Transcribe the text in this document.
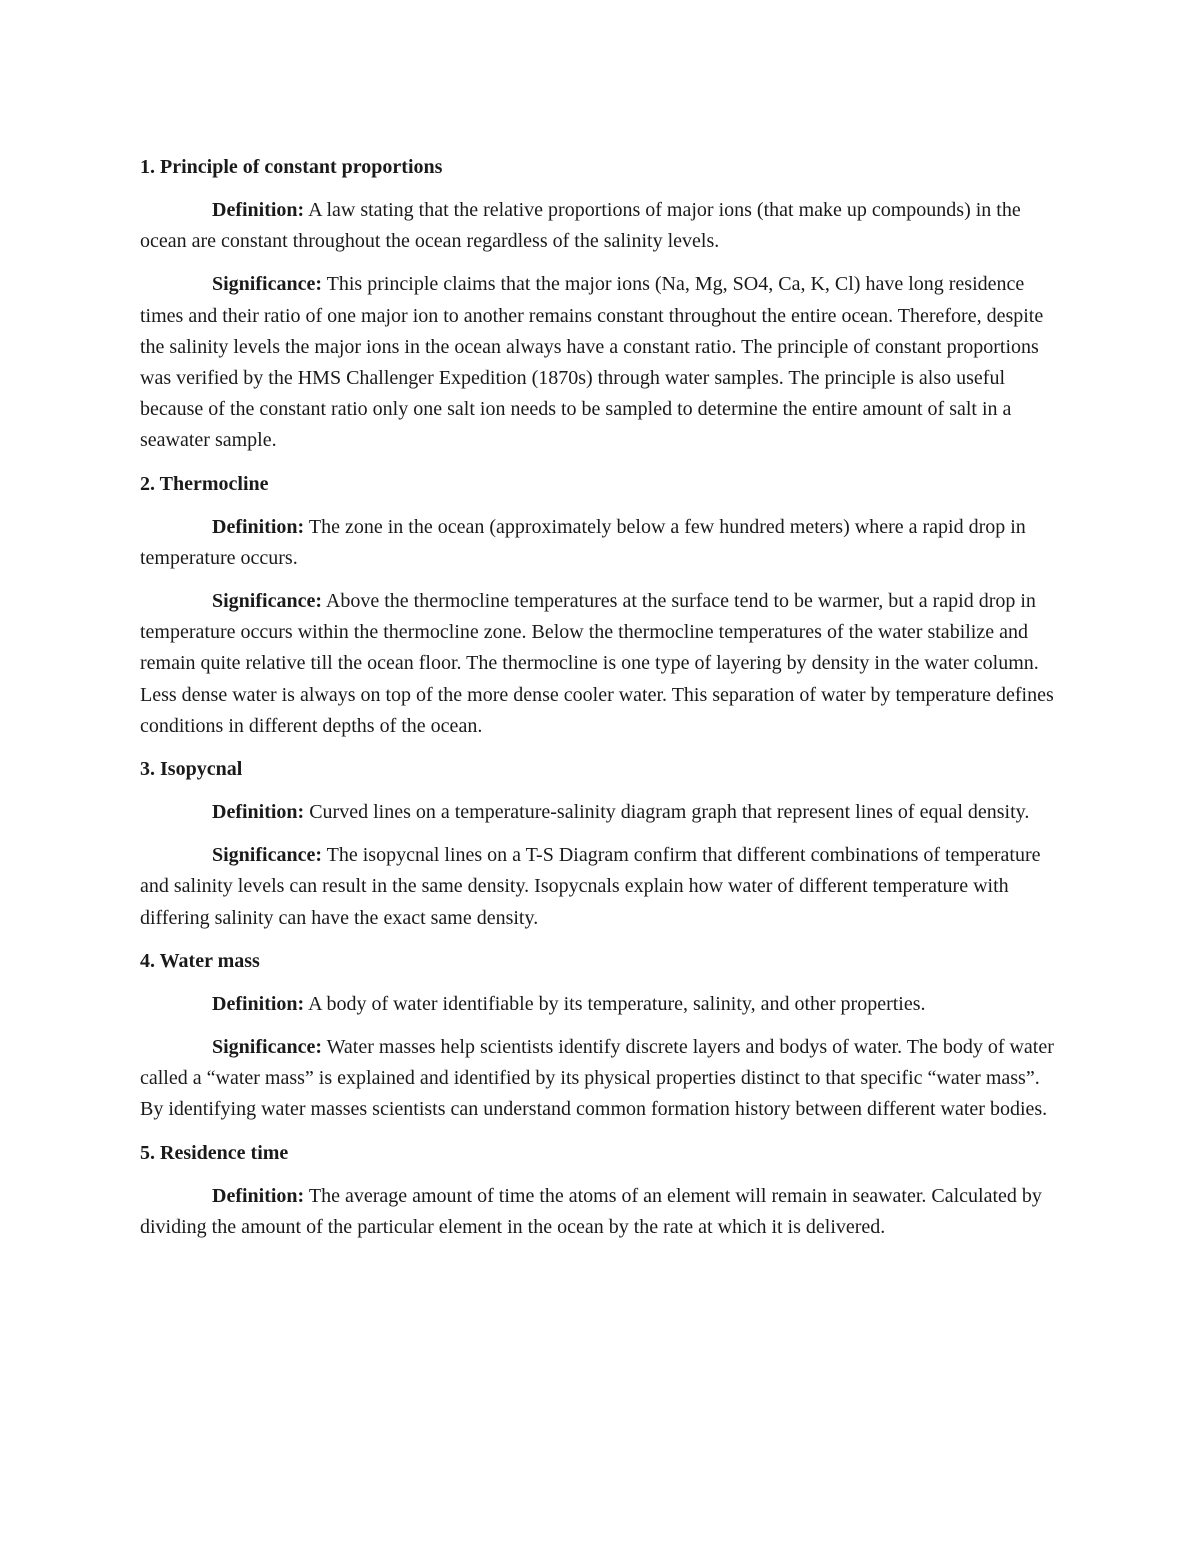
1. Principle of constant proportions

Definition: A law stating that the relative proportions of major ions (that make up compounds) in the ocean are constant throughout the ocean regardless of the salinity levels.

Significance: This principle claims that the major ions (Na, Mg, SO4, Ca, K, Cl) have long residence times and their ratio of one major ion to another remains constant throughout the entire ocean. Therefore, despite the salinity levels the major ions in the ocean always have a constant ratio. The principle of constant proportions was verified by the HMS Challenger Expedition (1870s) through water samples. The principle is also useful because of the constant ratio only one salt ion needs to be sampled to determine the entire amount of salt in a seawater sample.

2. Thermocline

Definition: The zone in the ocean (approximately below a few hundred meters) where a rapid drop in temperature occurs.

Significance: Above the thermocline temperatures at the surface tend to be warmer, but a rapid drop in temperature occurs within the thermocline zone. Below the thermocline temperatures of the water stabilize and remain quite relative till the ocean floor. The thermocline is one type of layering by density in the water column. Less dense water is always on top of the more dense cooler water. This separation of water by temperature defines conditions in different depths of the ocean.

3. Isopycnal

Definition: Curved lines on a temperature-salinity diagram graph that represent lines of equal density.

Significance: The isopycnal lines on a T-S Diagram confirm that different combinations of temperature and salinity levels can result in the same density. Isopycnals explain how water of different temperature with differing salinity can have the exact same density.

4. Water mass

Definition: A body of water identifiable by its temperature, salinity, and other properties.

Significance: Water masses help scientists identify discrete layers and bodys of water. The body of water called a “water mass” is explained and identified by its physical properties distinct to that specific “water mass”. By identifying water masses scientists can understand common formation history between different water bodies.

5. Residence time

Definition: The average amount of time the atoms of an element will remain in seawater. Calculated by dividing the amount of the particular element in the ocean by the rate at which it is delivered.
